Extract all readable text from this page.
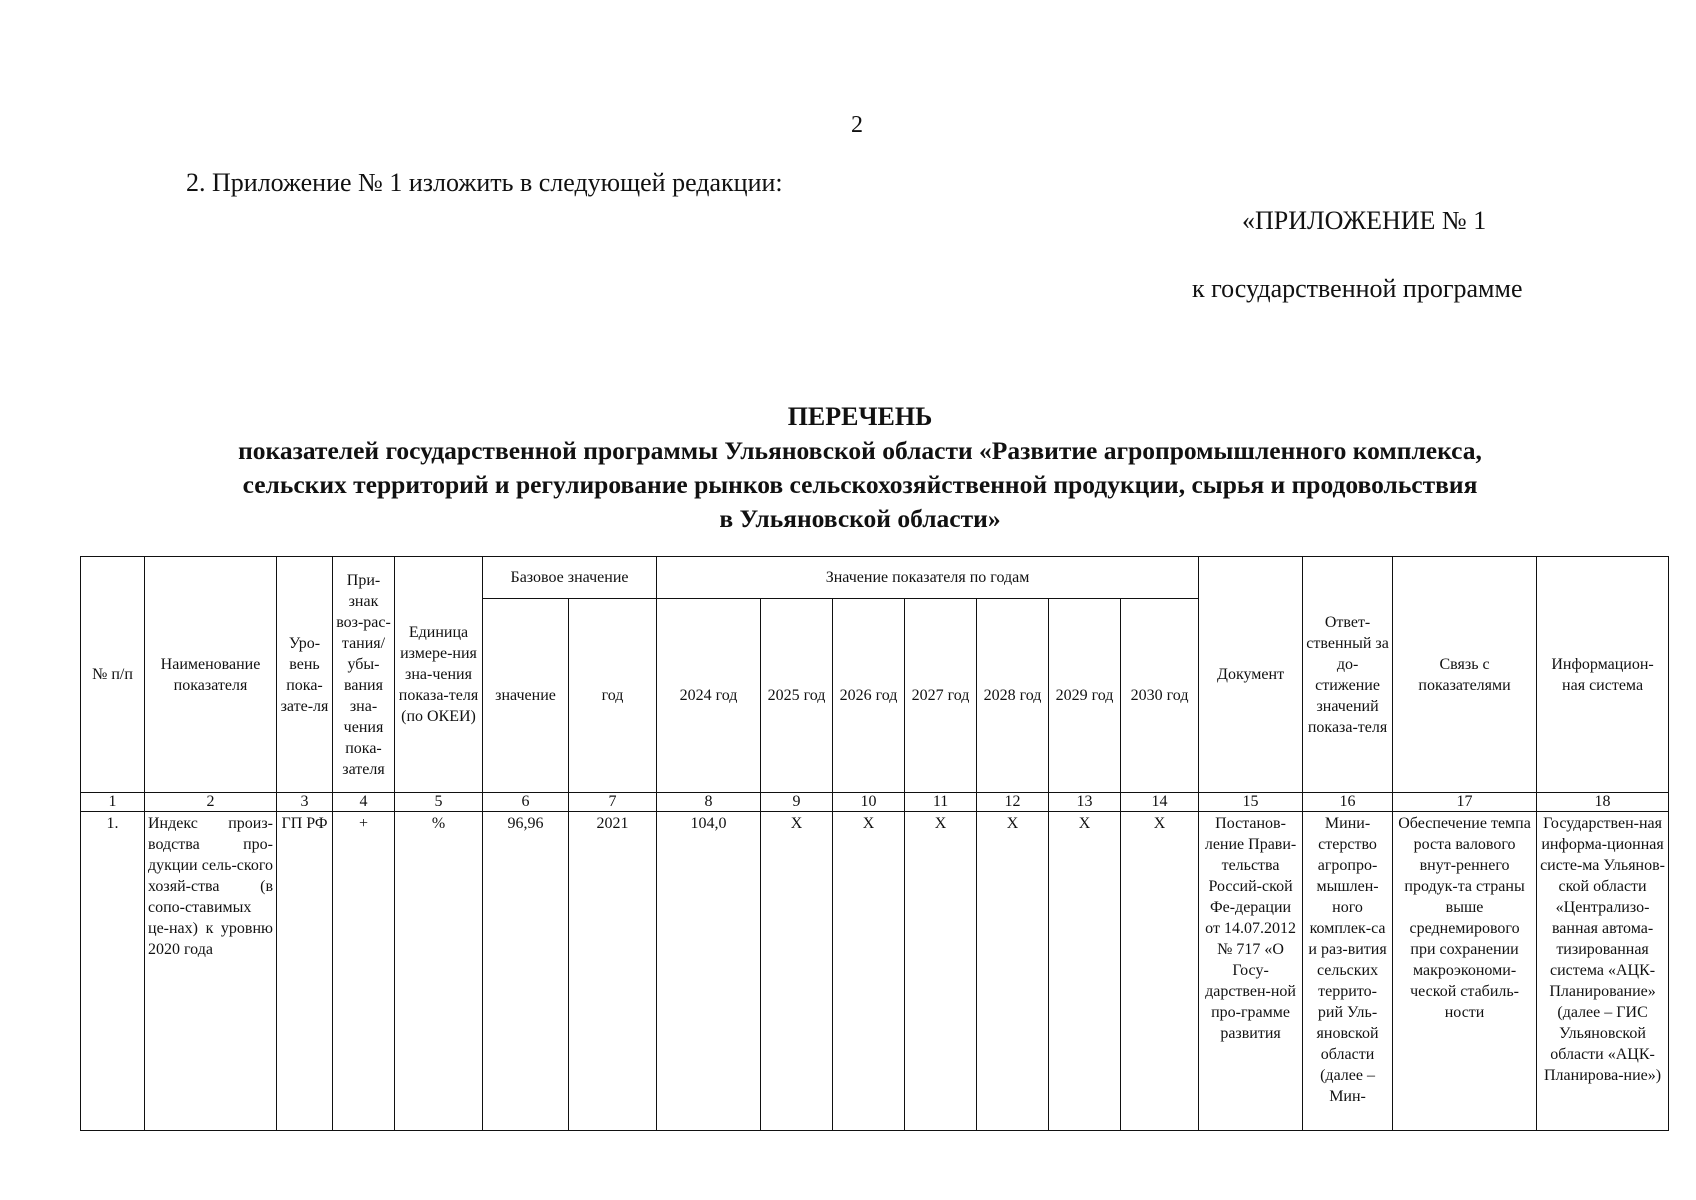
2
2. Приложение № 1 изложить в следующей редакции:
«ПРИЛОЖЕНИЕ № 1
к государственной программе
ПЕРЕЧЕНЬ
показателей государственной программы Ульяновской области «Развитие агропромышленного комплекса,
сельских территорий и регулирование рынков сельскохозяйственной продукции, сырья и продовольствия
в Ульяновской области»
№ п/п	Наименование показателя	Уро-вень пока-зате-ля	При-знак воз-рас-тания/ убы-вания зна-чения пока-зателя	Единица измере-ния зна-чения показа-теля (по ОКЕИ)	Базовое значение		Значение показателя по годам							Документ	Ответ-ственный за до-стижение значений показа-теля	Связь с показателями	Информацион-ная система
					значение	год	2024 год	2025 год	2026 год	2027 год	2028 год	2029 год	2030 год				
1	2	3	4	5	6	7	8	9	10	11	12	13	14	15	16	17	18
1.	Индекс произ-водства про-дукции сель-ского хозяй-ства (в сопо-ставимых це-нах) к уровню 2020 года	ГП РФ	+	%	96,96	2021	104,0	X	X	X	X	X	X	Постанов-ление Прави-тельства Россий-ской Фе-дерации от 14.07.2012 № 717 «О Госу-дарствен-ной про-грамме развития	Мини-стерство агропро-мышлен-ного комплек-са и раз-вития сельских террито-рий Уль-яновской области (далее – Мин-	Обеспечение темпа роста валового внут-реннего продук-та страны выше среднемирового при сохранении макроэкономи-ческой стабиль-ности	Государствен-ная информа-ционная систе-ма Ульянов-ской области «Централизо-ванная автома-тизированная система «АЦК-Планирование» (далее – ГИС Ульяновской области «АЦК-Планирова-ние»)
